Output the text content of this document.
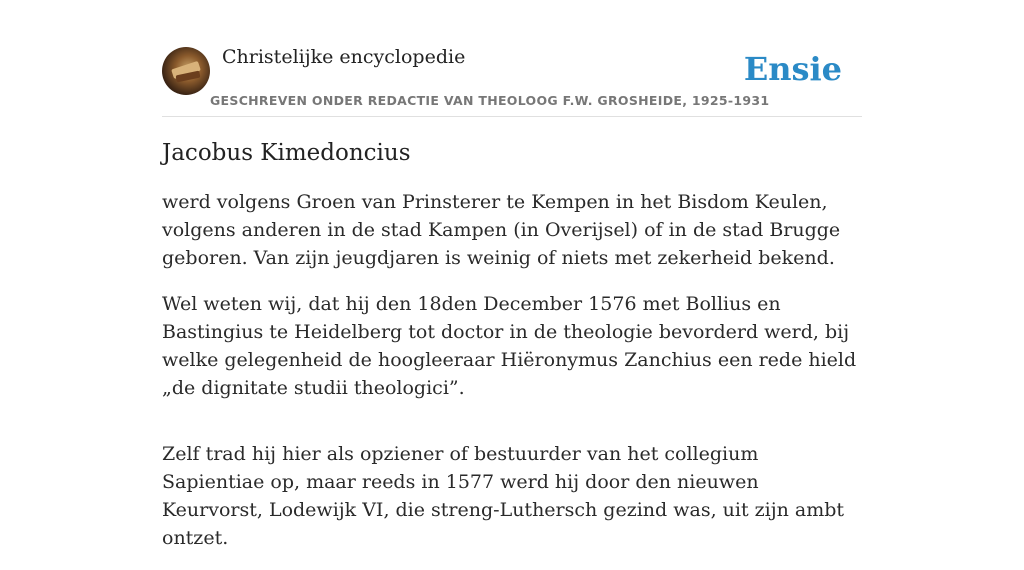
Christelijke encyclopedie
GESCHREVEN ONDER REDACTIE VAN THEOLOOG F.W. GROSHEIDE, 1925-1931
Ensie
Jacobus Kimedoncius

werd volgens Groen van Prinsterer te Kempen in het Bisdom Keulen, volgens anderen in de stad Kampen (in Overijsel) of in de stad Brugge geboren. Van zijn jeugdjaren is weinig of niets met zekerheid bekend.

Wel weten wij, dat hij den 18den December 1576 met Bollius en Bastingius te Heidelberg tot doctor in de theologie bevorderd werd, bij welke gelegenheid de hoogleeraar Hiëronymus Zanchius een rede hield „de dignitate studii theologici”.

Zelf trad hij hier als opziener of bestuurder van het collegium Sapientiae op, maar reeds in 1577 werd hij door den nieuwen Keurvorst, Lodewijk VI, die streng-Luthersch gezind was, uit zijn ambt ontzet.
